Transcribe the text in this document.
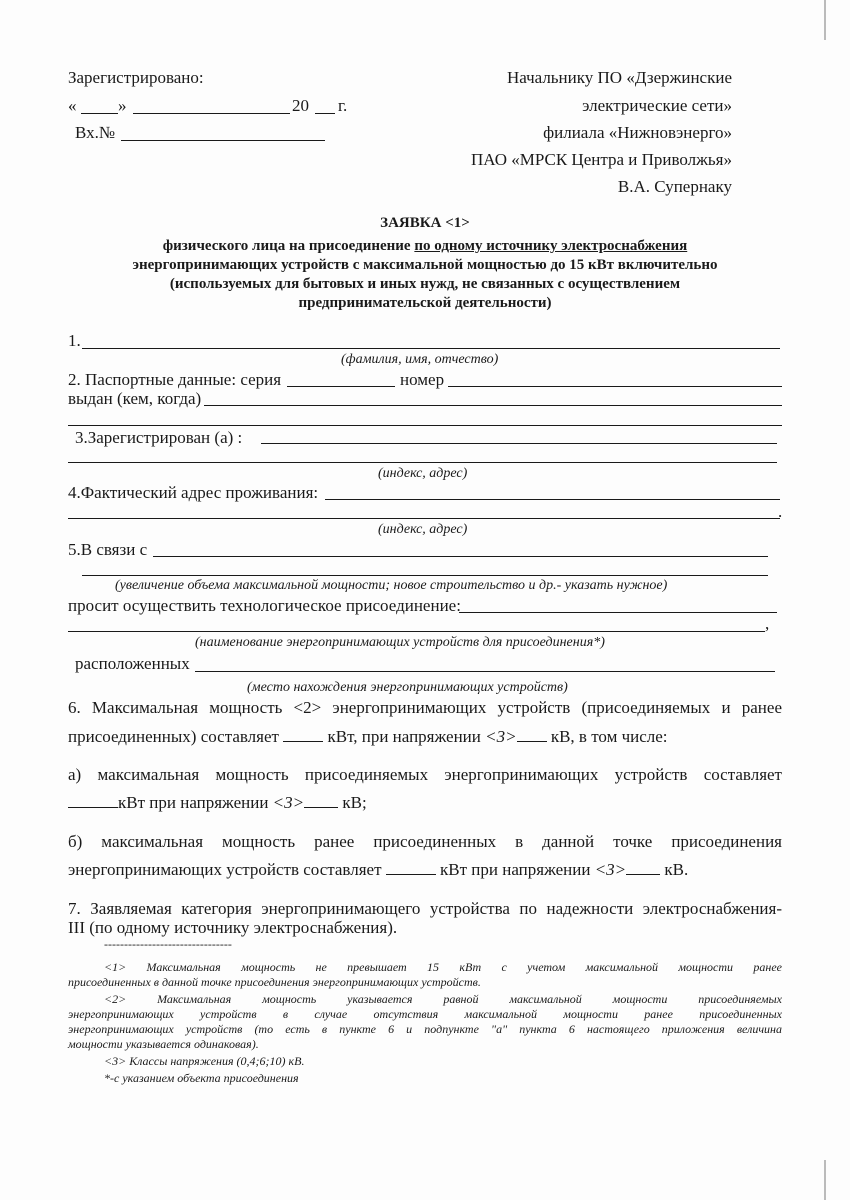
Зарегистрировано:
« »	20 г.
Вх.№
Начальнику ПО «Дзержинские
электрические сети»
филиала «Нижновэнерго»
ПАО «МРСК Центра и Приволжья»
В.А. Супернаку
ЗАЯВКА <1>
физического лица на присоединение по одному источнику электроснабжения
энергопринимающих устройств с максимальной мощностью до 15 кВт включительно
(используемых для бытовых и иных нужд, не связанных с осуществлением
предпринимательской деятельности)
1.
(фамилия, имя, отчество)
2. Паспортные данные: серия	номер
выдан (кем, когда)
3.Зарегистрирован (а) :
(индекс, адрес)
4.Фактический адрес проживания:
.
(индекс, адрес)
5.В связи с
(увеличение объема максимальной мощности; новое строительство и др.- указать нужное)
просит осуществить технологическое присоединение:
,
(наименование энергопринимающих устройств для присоединения*)
расположенных
(место нахождения энергопринимающих устройств)
6. Максимальная мощность <2> энергопринимающих устройств (присоединяемых и ранее
присоединенных) составляет	кВт, при напряжении <3> кВ, в том числе:
а) максимальная мощность присоединяемых энергопринимающих устройств составляет
кВт при напряжении <3> кВ;
б) максимальная мощность ранее присоединенных в данной точке присоединения
энергопринимающих устройств составляет	кВт при напряжении <3> кВ.
7. Заявляемая категория энергопринимающего устройства по надежности электроснабжения-
III (по одному источнику электроснабжения).
--------------------------------
<1> Максимальная мощность не превышает 15 кВт с учетом максимальной мощности ранее
присоединенных в данной точке присоединения энергопринимающих устройств.
<2> Максимальная мощность указывается равной максимальной мощности присоединяемых
энергопринимающих устройств в случае отсутствия максимальной мощности ранее присоединенных
энергопринимающих устройств (то есть в пункте 6 и подпункте "а" пункта 6 настоящего приложения величина
мощности указывается одинаковая).
<3> Классы напряжения (0,4;6;10) кВ.
*-с указанием объекта присоединения
